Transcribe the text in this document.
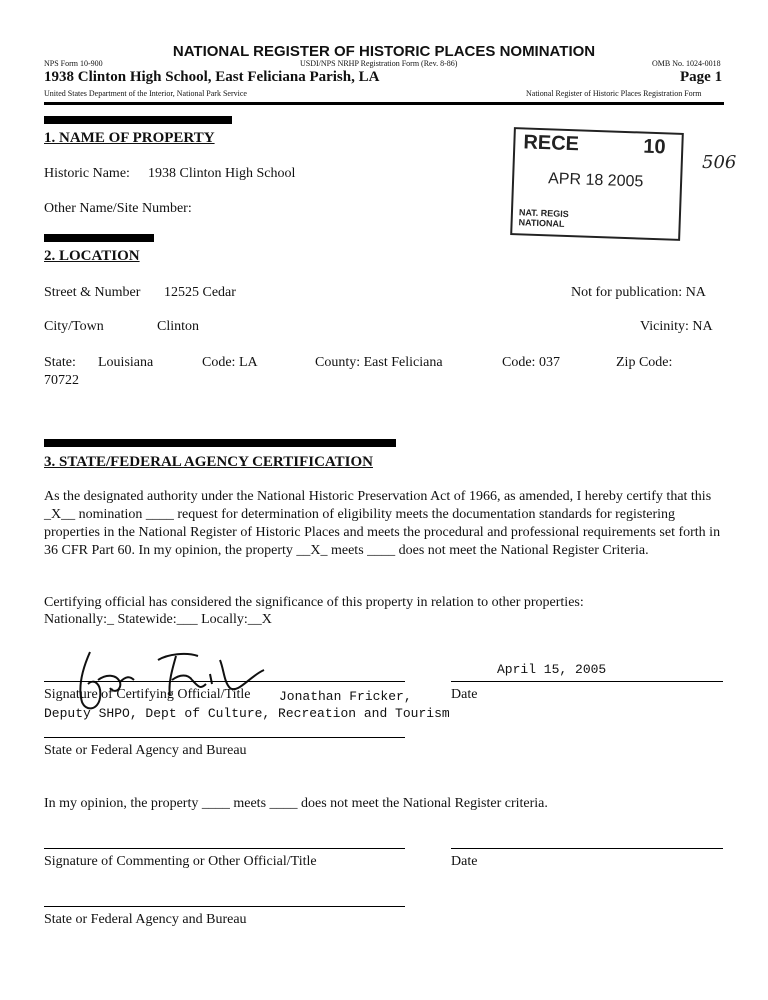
NATIONAL REGISTER OF HISTORIC PLACES NOMINATION
NPS Form 10-900	USDI/NPS NRHP Registration Form (Rev. 8-86)	OMB No. 1024-0018
1938 Clinton High School, East Feliciana Parish, LA	Page 1
United States Department of the Interior, National Park Service	National Register of Historic Places Registration Form
RECE	10
APR 18 2005
NAT. REGIS
NATIONAL
506
1. NAME OF PROPERTY
Historic Name: 1938 Clinton High School
Other Name/Site Number:
2. LOCATION
Street & Number 12525 Cedar	Not for publication: NA
City/Town	Clinton	Vicinity: NA
State: Louisiana	Code: LA	County: East Feliciana	Code: 037	Zip Code:
70722
3. STATE/FEDERAL AGENCY CERTIFICATION
As the designated authority under the National Historic Preservation Act of 1966, as amended, I hereby certify that this _X__ nomination ____ request for determination of eligibility meets the documentation standards for registering properties in the National Register of Historic Places and meets the procedural and professional requirements set forth in 36 CFR Part 60. In my opinion, the property __X_ meets ____ does not meet the National Register Criteria.
Certifying official has considered the significance of this property in relation to other properties:
Nationally:_ Statewide:___ Locally:__X
April 15, 2005
Signature of Certifying Official/Title Jonathan Fricker,
Deputy SHPO, Dept of Culture, Recreation and Tourism
Date
State or Federal Agency and Bureau
In my opinion, the property ____ meets ____ does not meet the National Register criteria.
Signature of Commenting or Other Official/Title	Date
State or Federal Agency and Bureau
